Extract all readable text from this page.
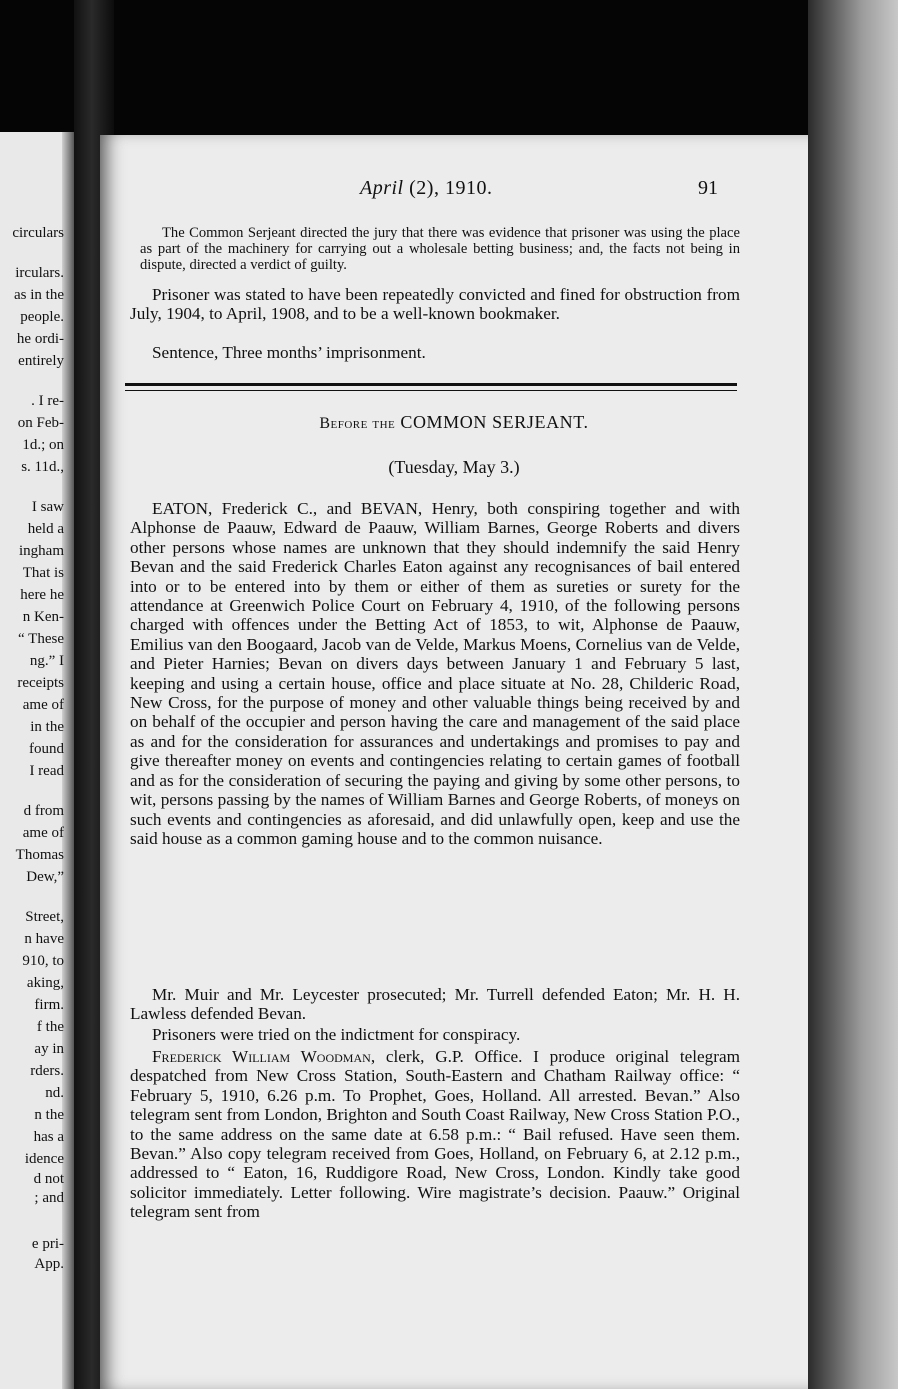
circulars
irculars.
as in the
people.
he ordi-
entirely
. I re-
on Feb-
1d.; on
s. 11d.,
I saw
held a
ingham
That is
here he
n Ken-
“ These
ng.” I
receipts
ame of
in the
found
I read
d from
ame of
Thomas
Dew,”
Street,
n have
910, to
aking,
firm.
f the
ay in
rders.
nd.
n the
has a
idence
d not
; and
e pri-
App.
April (2), 1910.	91
The Common Serjeant directed the jury that there was evidence that prisoner was using the place as part of the machinery for carrying out a wholesale betting business; and, the facts not being in dispute, directed a verdict of guilty.
Prisoner was stated to have been repeatedly convicted and fined for obstruction from July, 1904, to April, 1908, and to be a well-known bookmaker.
Sentence, Three months’ imprisonment.
Before the COMMON SERJEANT.
(Tuesday, May 3.)
EATON, Frederick C., and BEVAN, Henry, both conspiring together and with Alphonse de Paauw, Edward de Paauw, William Barnes, George Roberts and divers other persons whose names are unknown that they should indemnify the said Henry Bevan and the said Frederick Charles Eaton against any recognisances of bail entered into or to be entered into by them or either of them as sureties or surety for the attendance at Greenwich Police Court on February 4, 1910, of the following persons charged with offences under the Betting Act of 1853, to wit, Alphonse de Paauw, Emilius van den Boogaard, Jacob van de Velde, Markus Moens, Cornelius van de Velde, and Pieter Harnies; Bevan on divers days between January 1 and February 5 last, keeping and using a certain house, office and place situate at No. 28, Childeric Road, New Cross, for the purpose of money and other valuable things being received by and on behalf of the occupier and person having the care and management of the said place as and for the consideration for assurances and undertakings and promises to pay and give thereafter money on events and contingencies relating to certain games of football and as for the consideration of securing the paying and giving by some other persons, to wit, persons passing by the names of William Barnes and George Roberts, of moneys on such events and contingencies as aforesaid, and did unlawfully open, keep and use the said house as a common gaming house and to the common nuisance.
Mr. Muir and Mr. Leycester prosecuted; Mr. Turrell defended Eaton; Mr. H. H. Lawless defended Bevan.
Prisoners were tried on the indictment for conspiracy.
Frederick William Woodman, clerk, G.P. Office. I produce original telegram despatched from New Cross Station, South-Eastern and Chatham Railway office: “ February 5, 1910, 6.26 p.m. To Prophet, Goes, Holland. All arrested. Bevan.” Also telegram sent from London, Brighton and South Coast Railway, New Cross Station P.O., to the same address on the same date at 6.58 p.m.: “ Bail refused. Have seen them. Bevan.” Also copy telegram received from Goes, Holland, on February 6, at 2.12 p.m., addressed to “ Eaton, 16, Ruddigore Road, New Cross, London. Kindly take good solicitor immediately. Letter following. Wire magistrate’s decision. Paauw.” Original telegram sent from
